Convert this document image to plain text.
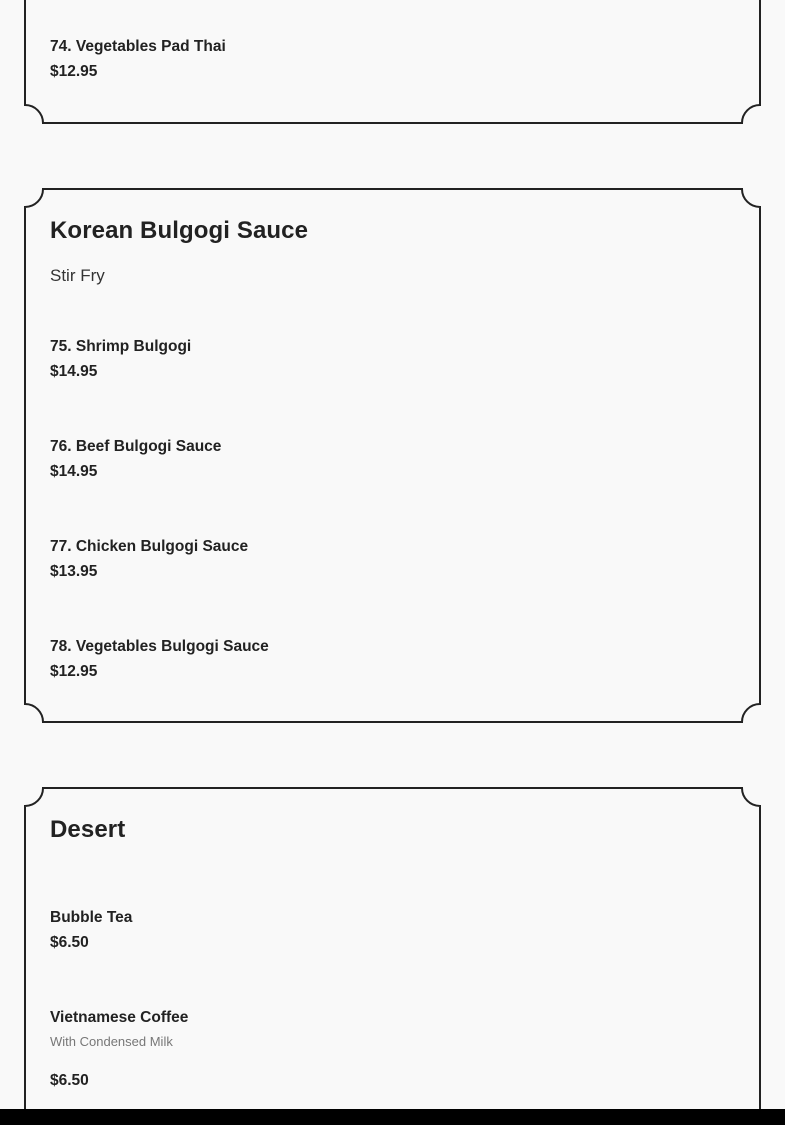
74. Vegetables Pad Thai
$12.95
Korean Bulgogi Sauce
Stir Fry
75. Shrimp Bulgogi
$14.95
76. Beef Bulgogi Sauce
$14.95
77. Chicken Bulgogi Sauce
$13.95
78. Vegetables Bulgogi Sauce
$12.95
Desert
Bubble Tea
$6.50
Vietnamese Coffee
With Condensed Milk
$6.50
